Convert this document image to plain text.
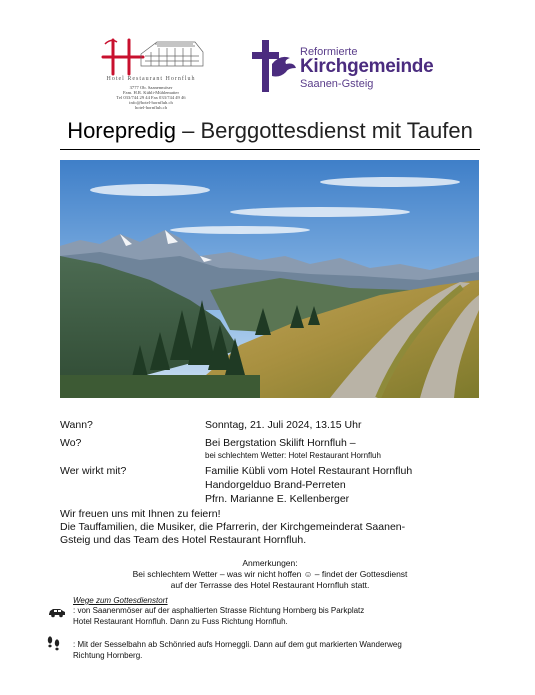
Hotel Restaurant Hornfluh
3777 Ob. Saanenmöser
Fam. H.R. Kübli-Mühlematter
Tel 033/744 29 44 Fax 033/744 49 46
info@hotel-hornfluh.ch
hotel-hornfluh.ch
Reformierte
Kirchgemeinde
Saanen-Gsteig
Horepredig – Berggottesdienst mit Taufen
Wann?	Sonntag, 21. Juli 2024, 13.15 Uhr
Wo?	Bei Bergstation Skilift Hornfluh –
bei schlechtem Wetter: Hotel Restaurant Hornfluh
Wer wirkt mit?	Familie Kübli vom Hotel Restaurant Hornfluh
Handorgelduo Brand-Perreten
Pfrn. Marianne E. Kellenberger
Wir freuen uns mit Ihnen zu feiern!
Die Tauffamilien, die Musiker, die Pfarrerin, der Kirchgemeinderat Saanen-
Gsteig und das Team des Hotel Restaurant Hornfluh.
Anmerkungen:
Bei schlechtem Wetter – was wir nicht hoffen ☺ – findet der Gottesdienst
auf der Terrasse des Hotel Restaurant Hornfluh statt.
Wege zum Gottesdienstort
: von Saanenmöser auf der asphaltierten Strasse Richtung Hornberg bis Parkplatz
Hotel Restaurant Hornfluh. Dann zu Fuss Richtung Hornfluh.
: Mit der Sesselbahn ab Schönried aufs Horneggli. Dann auf dem gut markierten Wanderweg
Richtung Hornberg.
